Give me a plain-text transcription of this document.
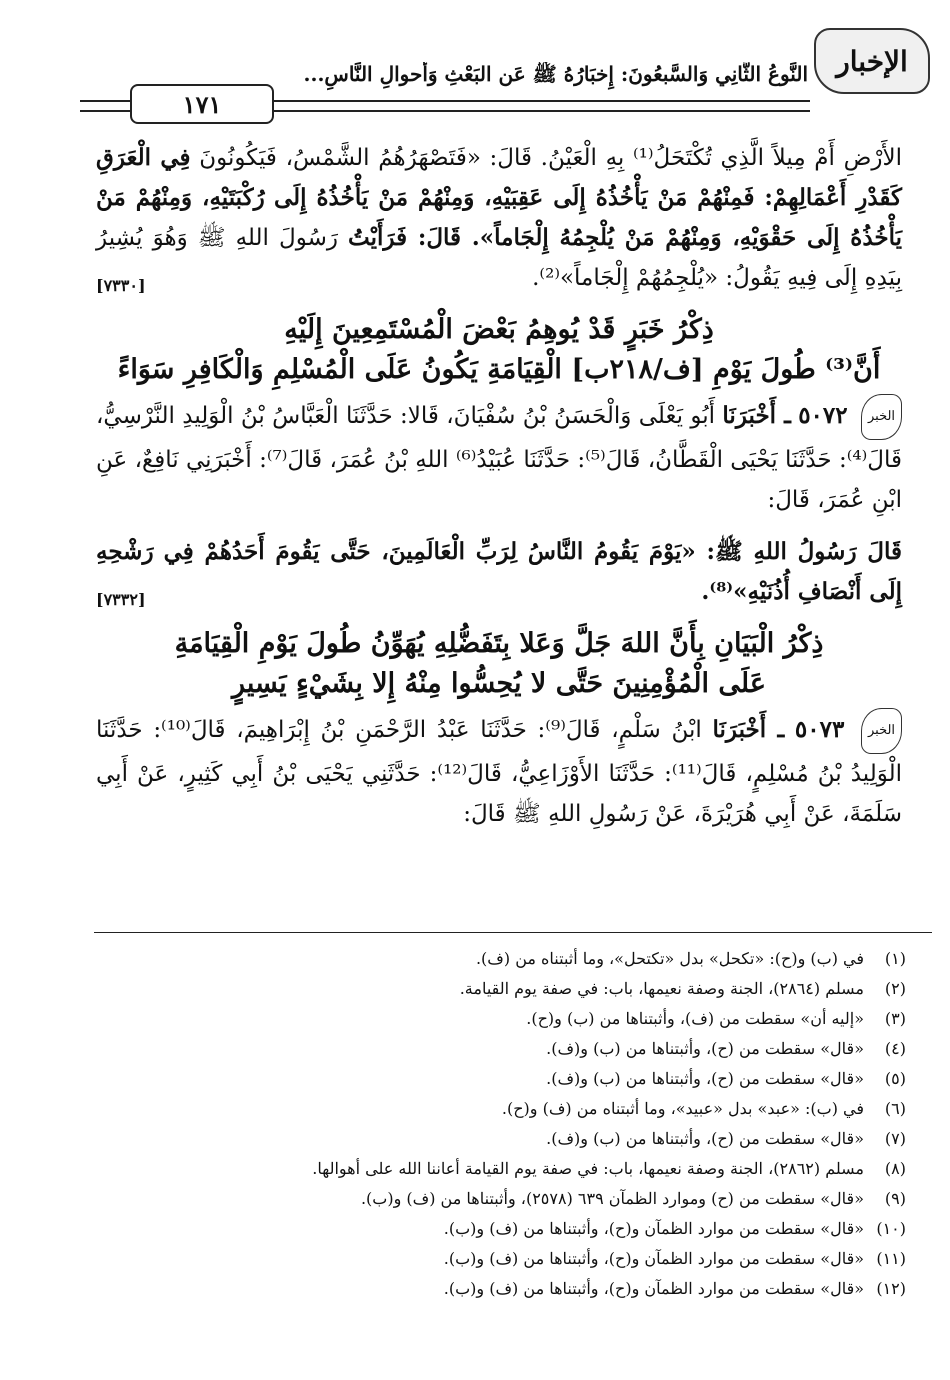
الإخبار
النَّوعُ الثَّانِي وَالسَّبعُونَ: إِخبَارُهُ ﷺ عَن البَعْثِ وَأَحوالِ النَّاسِ...
١٧١

الأَرْضِ أَمْ مِيلاً الَّذِي تُكْتَحَلُ⁽¹⁾ بِهِ الْعَيْنُ. قَالَ: «فَتَصْهَرُهُمُ الشَّمْسُ، فَيَكُونُونَ فِي الْعَرَقِ كَقَدْرِ أَعْمَالِهِمْ: فَمِنْهُمْ مَنْ يَأْخُذُهُ إِلَى عَقِبَيْهِ، وَمِنْهُمْ مَنْ يَأْخُذُهُ إِلَى رُكْبَتَيْهِ، وَمِنْهُمْ مَنْ يَأْخُذُهُ إِلَى حَقْوَيْهِ، وَمِنْهُمْ مَنْ يُلْجِمُهُ إِلْجَاماً». قَالَ: فَرَأَيْتُ رَسُولَ اللهِ ﷺ وَهُوَ يُشِيرُ بِيَدِهِ إِلَى فِيهِ يَقُولُ: «يُلْجِمُهُمْ إِلْجَاماً»⁽²⁾.
[٧٣٣٠]

ذِكْرُ خَبَرٍ قَدْ يُوهِمُ بَعْضَ الْمُسْتَمِعِينَ إِلَيْهِ
أَنَّ⁽³⁾ طُولَ يَوْمِ [ف/٢١٨ب] الْقِيَامَةِ يَكُونُ عَلَى الْمُسْلِمِ وَالْكَافِرِ سَوَاءً

الخبر ٥٠٧٢ ـ أَخْبَرَنَا أَبُو يَعْلَى وَالْحَسَنُ بْنُ سُفْيَانَ، قَالا: حَدَّثَنَا الْعَبَّاسُ بْنُ الْوَلِيدِ النَّرْسِيُّ، قَالَ⁽⁴⁾: حَدَّثَنَا يَحْيَى الْقَطَّانُ، قَالَ⁽⁵⁾: حَدَّثَنَا عُبَيْدُ⁽⁶⁾ اللهِ بْنُ عُمَرَ، قَالَ⁽⁷⁾: أَخْبَرَنِي نَافِعٌ، عَنِ ابْنِ عُمَرَ، قَالَ:

قَالَ رَسُولُ اللهِ ﷺ: «يَوْمَ يَقُومُ النَّاسُ لِرَبِّ الْعَالَمِينَ، حَتَّى يَقُومَ أَحَدُهُمْ فِي رَشْحِهِ إِلَى أَنْصَافِ أُذُنَيْهِ»⁽⁸⁾.
[٧٣٣٢]

ذِكْرُ الْبَيَانِ بِأَنَّ اللهَ جَلَّ وَعَلا بِتَفَضُّلِهِ يُهَوِّنُ طُولَ يَوْمِ الْقِيَامَةِ
عَلَى الْمُؤْمِنِينَ حَتَّى لا يُحِسُّوا مِنْهُ إِلا بِشَيْءٍ يَسِيرٍ

الخبر ٥٠٧٣ ـ أَخْبَرَنَا ابْنُ سَلْمٍ، قَالَ⁽⁹⁾: حَدَّثَنَا عَبْدُ الرَّحْمَنِ بْنُ إِبْرَاهِيمَ، قَالَ⁽¹⁰⁾: حَدَّثَنَا الْوَلِيدُ بْنُ مُسْلِمٍ، قَالَ⁽¹¹⁾: حَدَّثَنَا الأَوْزَاعِيُّ، قَالَ⁽¹²⁾: حَدَّثَنِي يَحْيَى بْنُ أَبِي كَثِيرٍ، عَنْ أَبِي سَلَمَةَ، عَنْ أَبِي هُرَيْرَةَ، عَنْ رَسُولِ اللهِ ﷺ قَالَ:

(١)في (ب) و(ح): «تكحل» بدل «تكتحل»، وما أثبتناه من (ف).
(٢)مسلم (٢٨٦٤)، الجنة وصفة نعيمها، باب: في صفة يوم القيامة.
(٣)«إليه أن» سقطت من (ف)، وأثبتناها من (ب) و(ح).
(٤)«قال» سقطت من (ح)، وأثبتناها من (ب) و(ف).
(٥)«قال» سقطت من (ح)، وأثبتناها من (ب) و(ف).
(٦)في (ب): «عبد» بدل «عبيد»، وما أثبتناه من (ف) و(ح).
(٧)«قال» سقطت من (ح)، وأثبتناها من (ب) و(ف).
(٨)مسلم (٢٨٦٢)، الجنة وصفة نعيمها، باب: في صفة يوم القيامة أعاننا الله على أهوالها.
(٩)«قال» سقطت من (ح) وموارد الظمآن ٦٣٩ (٢٥٧٨)، وأثبتناها من (ف) و(ب).
(١٠)«قال» سقطت من موارد الظمآن و(ح)، وأثبتناها من (ف) و(ب).
(١١)«قال» سقطت من موارد الظمآن و(ح)، وأثبتناها من (ف) و(ب).
(١٢)«قال» سقطت من موارد الظمآن و(ح)، وأثبتناها من (ف) و(ب).
